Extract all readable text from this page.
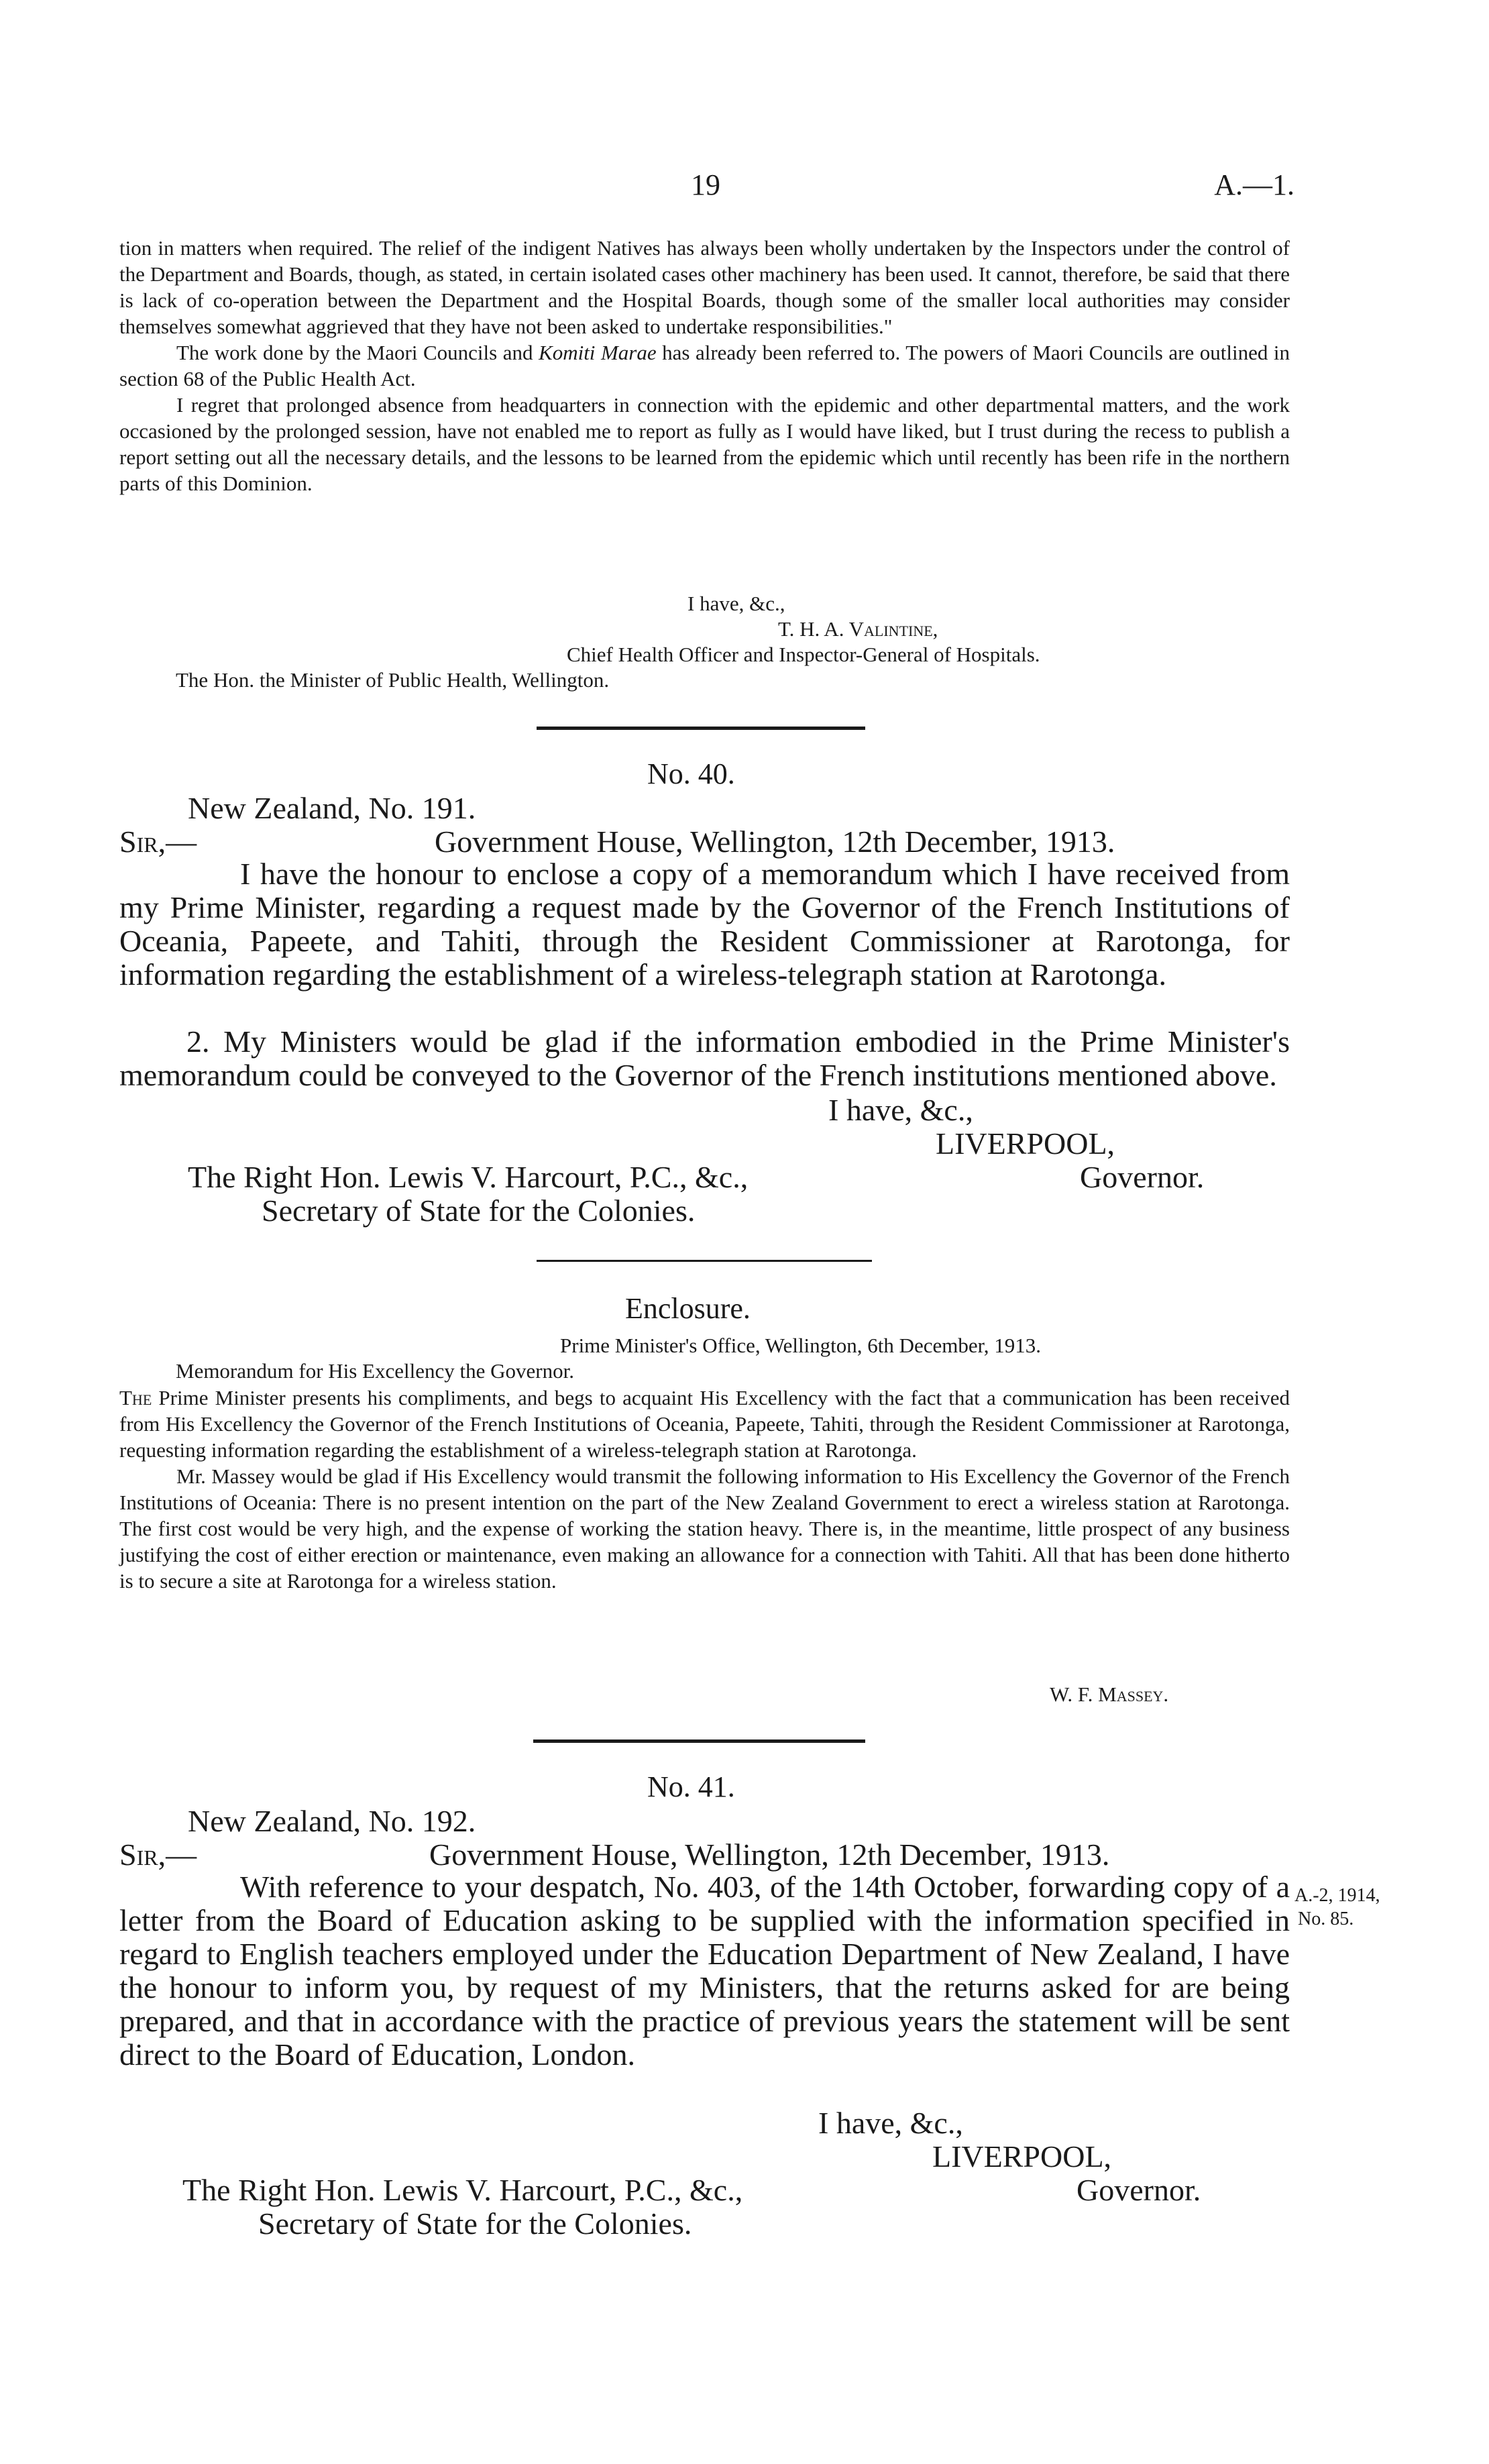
19	A.—1.

tion in matters when required. The relief of the indigent Natives has always been wholly undertaken by the Inspectors under the control of the Department and Boards, though, as stated, in certain isolated cases other machinery has been used. It cannot, therefore, be said that there is lack of co-operation between the Department and the Hospital Boards, though some of the smaller local authorities may consider themselves somewhat aggrieved that they have not been asked to undertake responsibilities."

The work done by the Maori Councils and Komiti Marae has already been referred to. The powers of Maori Councils are outlined in section 68 of the Public Health Act.

I regret that prolonged absence from headquarters in connection with the epidemic and other departmental matters, and the work occasioned by the prolonged session, have not enabled me to report as fully as I would have liked, but I trust during the recess to publish a report setting out all the necessary details, and the lessons to be learned from the epidemic which until recently has been rife in the northern parts of this Dominion.

I have, &c.,
T. H. A. Valintine,
Chief Health Officer and Inspector-General of Hospitals.
The Hon. the Minister of Public Health, Wellington.
No. 40.
New Zealand, No. 191.
Sir,—	Government House, Wellington, 12th December, 1913.

I have the honour to enclose a copy of a memorandum which I have received from my Prime Minister, regarding a request made by the Governor of the French Institutions of Oceania, Papeete, and Tahiti, through the Resident Commissioner at Rarotonga, for information regarding the establishment of a wireless-telegraph station at Rarotonga.

2. My Ministers would be glad if the information embodied in the Prime Minister's memorandum could be conveyed to the Governor of the French institutions mentioned above.

I have, &c.,
LIVERPOOL,
The Right Hon. Lewis V. Harcourt, P.C., &c.,	Governor.
Secretary of State for the Colonies.
Enclosure.
Prime Minister's Office, Wellington, 6th December, 1913.
Memorandum for His Excellency the Governor.

The Prime Minister presents his compliments, and begs to acquaint His Excellency with the fact that a communication has been received from His Excellency the Governor of the French Institutions of Oceania, Papeete, Tahiti, through the Resident Commissioner at Rarotonga, requesting information regarding the establishment of a wireless-telegraph station at Rarotonga.

Mr. Massey would be glad if His Excellency would transmit the following information to His Excellency the Governor of the French Institutions of Oceania: There is no present intention on the part of the New Zealand Government to erect a wireless station at Rarotonga. The first cost would be very high, and the expense of working the station heavy. There is, in the meantime, little prospect of any business justifying the cost of either erection or maintenance, even making an allowance for a connection with Tahiti. All that has been done hitherto is to secure a site at Rarotonga for a wireless station.

W. F. Massey.
No. 41.
New Zealand, No. 192.
Sir,—	Government House, Wellington, 12th December, 1913.

With reference to your despatch, No. 403, of the 14th October, forwarding copy of a letter from the Board of Education asking to be supplied with the information specified in regard to English teachers employed under the Education Department of New Zealand, I have the honour to inform you, by request of my Ministers, that the returns asked for are being prepared, and that in accordance with the practice of previous years the statement will be sent direct to the Board of Education, London.

A.-2, 1914,
No. 85.
I have, &c.,
LIVERPOOL,
The Right Hon. Lewis V. Harcourt, P.C., &c.,	Governor.
Secretary of State for the Colonies.
